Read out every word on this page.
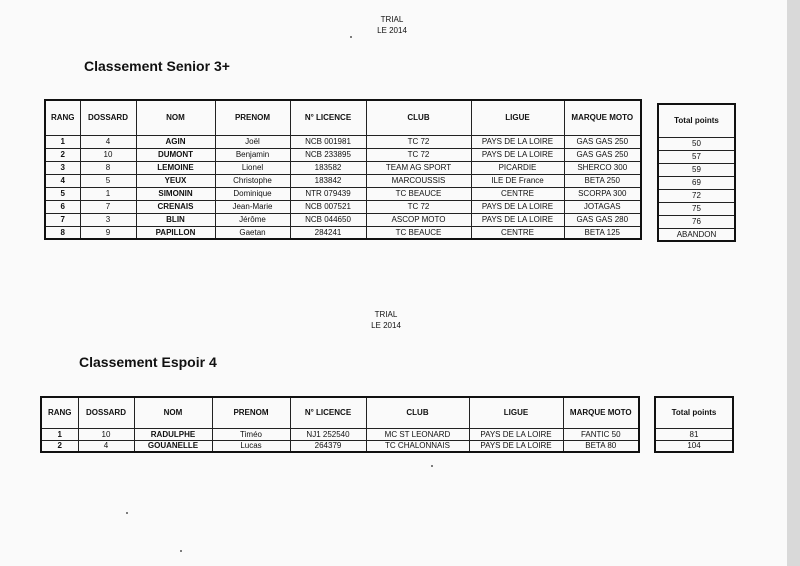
TRIAL
LE 2014
Classement Senior 3+
RANG	DOSSARD	NOM	PRENOM	N° LICENCE	CLUB	LIGUE	MARQUE MOTO
1	4	AGIN	Joël	NCB 001981	TC 72	PAYS DE LA LOIRE	GAS GAS 250
2	10	DUMONT	Benjamin	NCB 233895	TC 72	PAYS DE LA LOIRE	GAS GAS 250
3	8	LEMOINE	Lionel	183582	TEAM AG SPORT	PICARDIE	SHERCO 300
4	5	YEUX	Christophe	183842	MARCOUSSIS	ILE DE France	BETA 250
5	1	SIMONIN	Dominique	NTR 079439	TC BEAUCE	CENTRE	SCORPA 300
6	7	CRENAIS	Jean-Marie	NCB 007521	TC 72	PAYS DE LA LOIRE	JOTAGAS
7	3	BLIN	Jérôme	NCB 044650	ASCOP MOTO	PAYS DE LA LOIRE	GAS GAS 280
8	9	PAPILLON	Gaetan	284241	TC BEAUCE	CENTRE	BETA 125
Total points
50
57
59
69
72
75
76
ABANDON
TRIAL
LE 2014
Classement Espoir 4
RANG	DOSSARD	NOM	PRENOM	N° LICENCE	CLUB	LIGUE	MARQUE MOTO
1	10	RADULPHE	Timéo	NJ1 252540	MC ST LEONARD	PAYS DE LA LOIRE	FANTIC 50
2	4	GOUANELLE	Lucas	264379	TC CHALONNAIS	PAYS DE LA LOIRE	BETA 80
Total points
81
104
